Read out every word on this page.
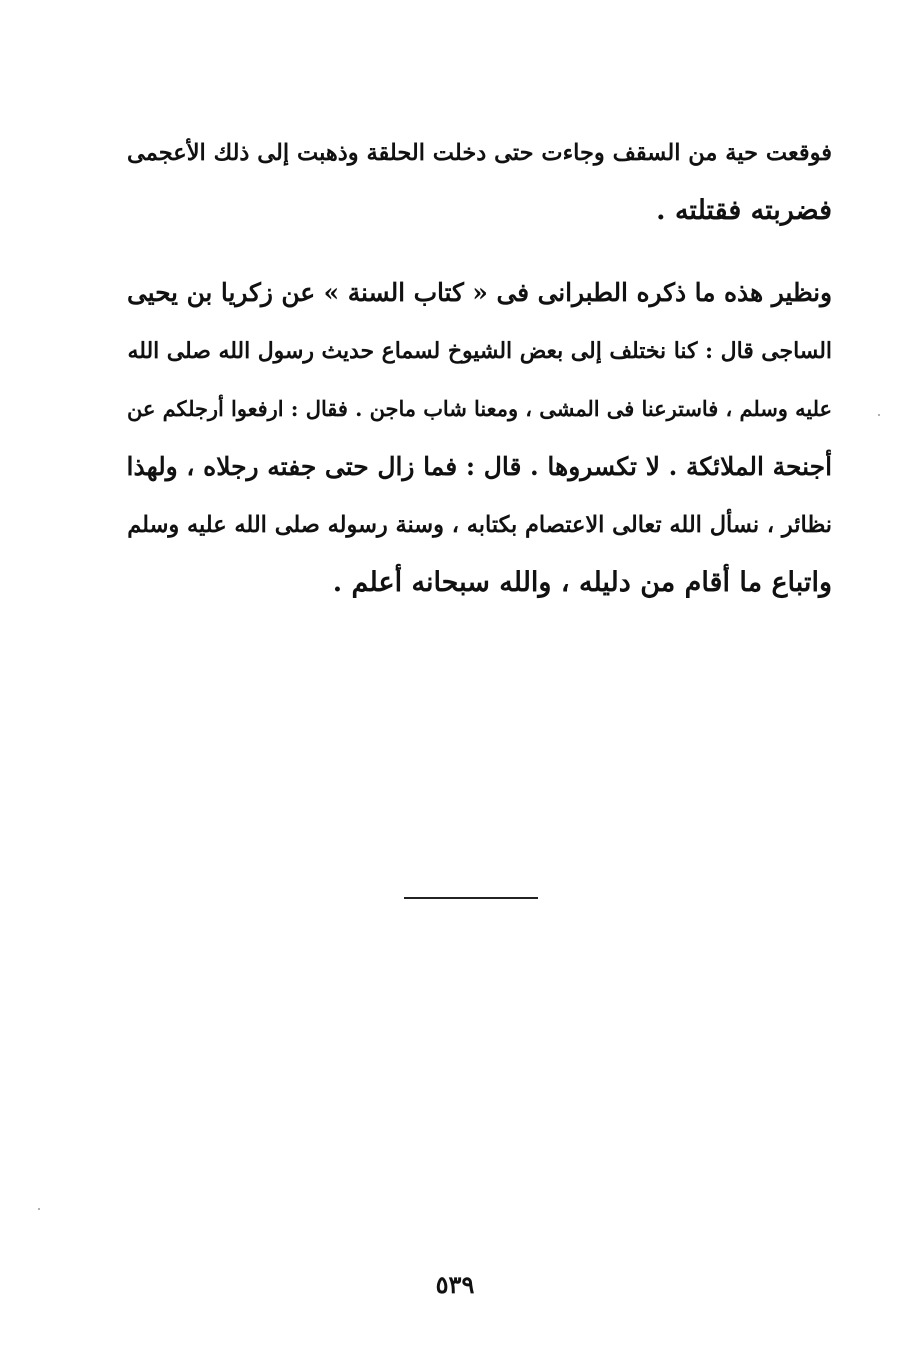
فوقعت حية من السقف وجاءت حتى دخلت الحلقة وذهبت إلى ذلك الأعجمى
فضربته فقتلته .
ونظير هذه ما ذكره الطبرانى فى « كتاب السنة » عن زكريا بن يحيى
الساجى قال : كنا نختلف إلى بعض الشيوخ لسماع حديث رسول الله صلى الله
عليه وسلم ، فاسترعنا فى المشى ، ومعنا شاب ماجن . فقال : ارفعوا أرجلكم عن
أجنحة الملائكة . لا تكسروها . قال : فما زال حتى جفته رجلاه ، ولهذا
نظائر ، نسأل الله تعالى الاعتصام بكتابه ، وسنة رسوله صلى الله عليه وسلم
واتباع ما أقام من دليله ، والله سبحانه أعلم .
٥٣٩
